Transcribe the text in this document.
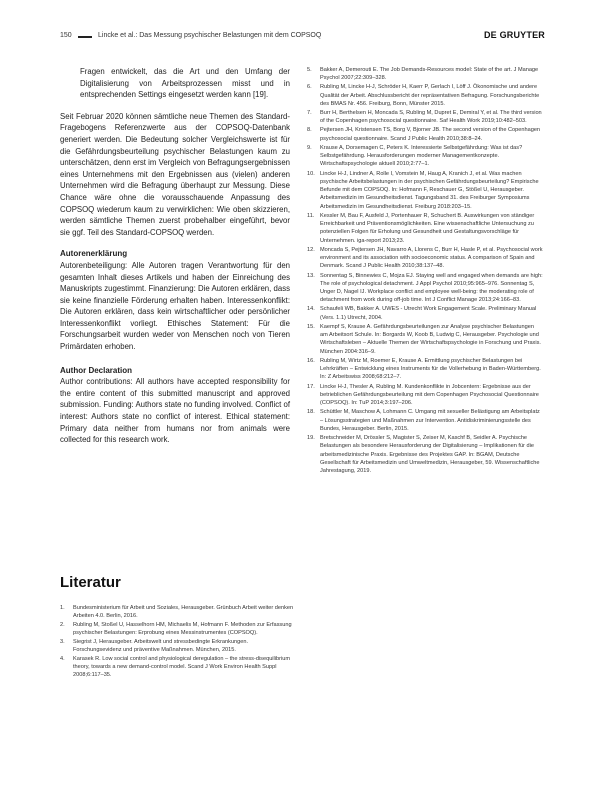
150	Lincke et al.: Das Messung psychischer Belastungen mit dem COPSOQ	DE GRUYTER

Fragen entwickelt, das die Art und den Umfang der Digitalisierung von Arbeitsprozessen misst und in entsprechenden Settings eingesetzt werden kann [19].

Seit Februar 2020 können sämtliche neue Themen des Standard-Fragebogens Referenzwerte aus der COPSOQ-Datenbank generiert werden. Die Bedeutung solcher Vergleichswerte ist für die Gefährdungsbeurteilung psychischer Belastungen kaum zu unterschätzen, denn erst im Vergleich von Befragungsergebnissen eines Unternehmens mit den Ergebnissen aus (vielen) anderen Unternehmen wird die Befragung überhaupt zur Messung. Diese Chance wäre ohne die vorausschauende Anpassung des COPSOQ wiederum kaum zu verwirklichen: Wie oben skizzieren, werden sämtliche Themen zuerst probehalber eingeführt, bevor sie ggf. Teil des Standard-COPSOQ werden.

Autorenerklärung

Autorenbeteiligung: Alle Autoren tragen Verantwortung für den gesamten Inhalt dieses Artikels und haben der Einreichung des Manuskripts zugestimmt. Finanzierung: Die Autoren erklären, dass sie keine finanzielle Förderung erhalten haben. Interessenkonflikt: Die Autoren erklären, dass kein wirtschaftlicher oder persönlicher Interessenkonflikt vorliegt. Ethisches Statement: Für die Forschungsarbeit wurden weder von Menschen noch von Tieren Primärdaten erhoben.

Author Declaration

Author contributions: All authors have accepted responsibility for the entire content of this submitted manuscript and approved submission. Funding: Authors state no funding involved. Conflict of interest: Authors state no conflict of interest. Ethical statement: Primary data neither from humans nor from animals were collected for this research work.

Literatur
1.	Bundesministerium für Arbeit und Soziales, Herausgeber. Grünbuch Arbeit weiter denken Arbeiten 4.0. Berlin, 2016.
2.	Rubling M, Stoßel U, Hasselhorn HM, Michaelis M, Hofmann F. Methoden zur Erfassung psychischer Belastungen: Erprobung eines Messinstrumentes (COPSOQ).
3.	Siegrist J, Herausgeber. Arbeitswelt und stressbedingte Erkrankungen. Forschungsevidenz und präventive Maßnahmen. München, 2015.
4.	Karasek R. Low social control and physiological deregulation – the stress-disequilibrium theory, towards a new demand-control model. Scand J Work Environ Health Suppl 2008;6:117–35.
5.	Bakker A, Demerouti E. The Job Demands-Resources model: State of the art. J Manage Psychol 2007;22:309–328.
6.	Rubling M, Lincke H-J, Schröder H, Kaerr P, Gerlach I, Löff J. Ökonomische und andere Qualität der Arbeit. Abschlussbericht der repräsentativen Befragung. Forschungsberichte des BMAS Nr. 456. Freiburg, Bonn, Münster 2015.
7.	Burr H, Berthelsen H, Moncada S, Rubling M, Dupret E, Demiral Y, et al. The third version of the Copenhagen psychosocial questionnaire. Saf Health Work 2019;10:482–503.
8.	Pejtersen JH, Kristensen TS, Borg V, Bjorner JB. The second version of the Copenhagen psychosocial questionnaire. Scand J Public Health 2010;38:8–24.
9.	Krause A, Dorsemagen C, Peters K. Interessierte Selbstgefährdung: Was ist das? Selbstgefährdung. Herausforderungen moderner Managementkonzepte. Wirtschaftspsychologie aktuell 2010;2:77–1.
10. Lincke H-J, Lindner A, Rolle I, Vomstein M, Haug A, Kranich J, et al. Was machen psychische Arbeitsbelastungen in der psychischen Gefährdungsbeurteilung? Empirische Befunde mit dem COPSOQ. In: Hofmann F, Reschauer G, Stößel U, Herausgeber. Arbeitsmedizin im Gesundheitsdienst. Tagungsband 31. des Freiburger Symposiums Arbeitsmedizin im Gesundheitsdienst. Freiburg 2018:203–15.
11.	Kessler M, Bau F, Ausfeld J, Portenhauer R, Schuchert B. Auswirkungen von ständiger Erreichbarkeit und Präventionsmöglichkeiten. Eine wissenschaftliche Untersuchung zu potenziellen Folgen für Erholung und Gesundheit und Gestaltungsvorschläge für Unternehmen. iga-report 2013;23.
12. Moncada S, Pejtersen JH, Navarro A, Llorens C, Burr H, Hasle P, et al. Psychosocial work environment and its association with socioeconomic status. A comparison of Spain and Denmark. Scand J Public Health 2010;38:137–48.
13. Sonnentag S, Binnewies C, Mojza EJ. Staying well and engaged when demands are high: The role of psychological detachment. J Appl Psychol 2010;95:965–976. Sonnentag S, Unger D, Nagel IJ. Workplace conflict and employee well-being: the moderating role of detachment from work during off-job time. Int J Conflict Manage 2013;24:166–83.
14. Schaufeli WB, Bakker A. UWES - Utrecht Work Engagement Scale. Preliminary Manual (Vers. 1.1) Utrecht, 2004.
15. Kaempf S, Krause A. Gefährdungsbeurteilungen zur Analyse psychischer Belastungen am Arbeitsort Schule. In: Borgards W, Koob B, Ludwig C, Herausgeber. Psychologie und Wirtschaftsleben – Aktuelle Themen der Wirtschaftspsychologie in Forschung und Praxis. München 2004:316–9.
16. Rubling M, Wirtz M, Roemer E, Krause A. Ermittlung psychischer Belastungen bei Lehrkräften – Entwicklung eines Instruments für die Vollerhebung in Baden-Württemberg. In: Z Arbeitswiss 2008;68:212–7.
17. Lincke H-J, Thesler A, Rubling M. Kundenkonflikte in Jobcentern: Ergebnisse aus der betrieblichen Gefährdungsbeurteilung mit dem Copenhagen Psychosocial Questionnaire (COPSOQ). In: TuP 2014;3:197–206.
18. Schüttler M, Maschow A, Lohmann C. Umgang mit sexueller Belästigung am Arbeitsplatz – Lösungsstrategien und Maßnahmen zur Intervention. Antidiskriminierungsstelle des Bundes, Herausgeber. Berlin, 2015.
19. Bretschneider M, Drössler S, Magister S, Zeiser M, Kaschf B, Seidler A. Psychische Belastungen als besondere Herausforderung der Digitalisierung – Implikationen für die arbeitsmedizinische Praxis. Ergebnisse des Projektes GAP. In: BGAM, Deutsche Gesellschaft für Arbeitsmedizin und Umweltmedizin, Herausgeber, 59. Wissenschaftliche Jahrestagung, 2019.
